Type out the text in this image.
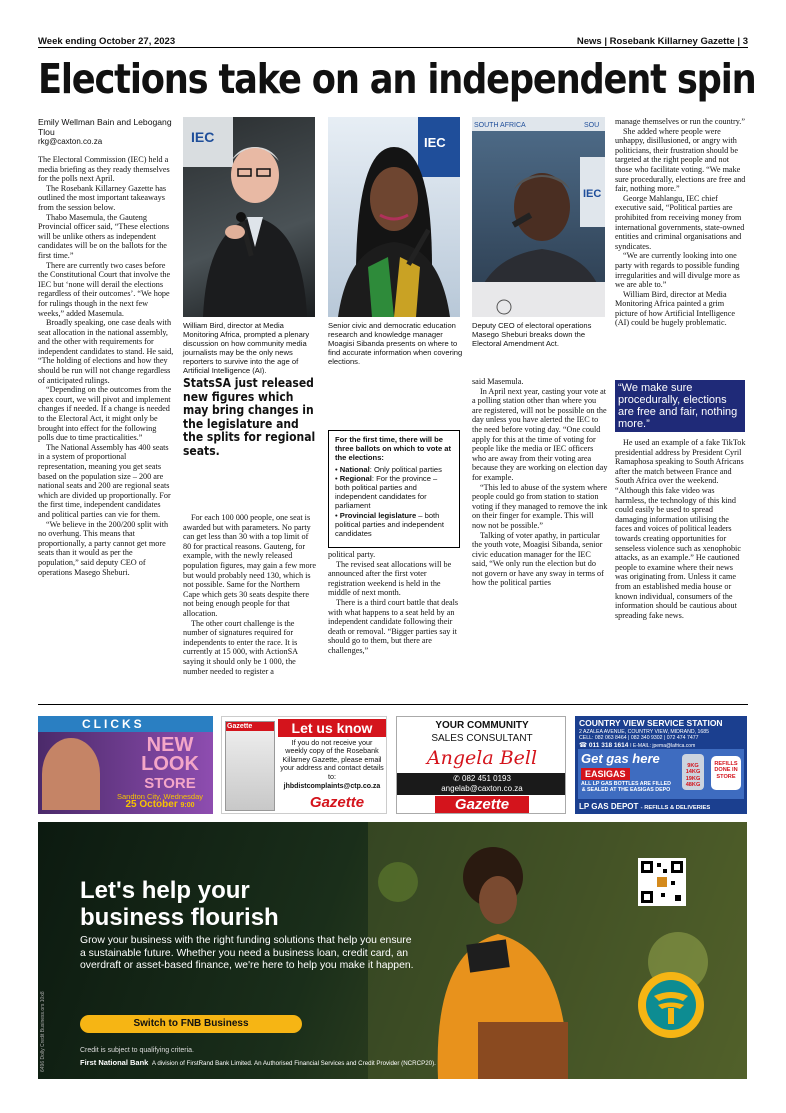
Week ending October 27, 2023	News | Rosebank Killarney Gazette | 3
Elections take on an independent spin
Emily Wellman Bain and Lebogang Tlou
rkg@caxton.co.za

The Electoral Commission (IEC) held a media briefing as they ready themselves for the polls next April.

The Rosebank Killarney Gazette has outlined the most important takeaways from the session below.

Thabo Masemula, the Gauteng Provincial officer said, “These elections will be unlike others as independent candidates will be on the ballots for the first time.”

There are currently two cases before the Constitutional Court that involve the IEC but ‘none will derail the elections regardless of their outcomes’. “We hope for rulings though in the next few weeks,” added Masemula.

Broadly speaking, one case deals with seat allocation in the national assembly, and the other with requirements for independent candidates to stand. He said, “The holding of elections and how they should be run will not change regardless of anticipated rulings.

“Depending on the outcomes from the apex court, we will pivot and implement changes if needed. If a change is needed to the Electoral Act, it might only be brought into effect for the following polls due to time practicalities.”

The National Assembly has 400 seats in a system of proportional representation, meaning you get seats based on the population size – 200 are national seats and 200 are regional seats which are divided up proportionally. For the first time, independent candidates and political parties can vie for them.

“We believe in the 200/200 split with no overhung. This means that proportionally, a party cannot get more seats than it would as per the population,” said deputy CEO of operations Masego Sheburi.

IEC
William Bird, director at Media Monitoring Africa, prompted a plenary discussion on how community media journalists may be the only news reporters to survive into the age of Artificial Intelligence (AI).
IEC
Senior civic and democratic education research and knowledge manager Moagisi Sibanda presents on where to find accurate information when covering elections.
SOUTH AFRICA	SOU
IEC
Deputy CEO of electoral operations Masego Sheburi breaks down the Electoral Amendment Act.
StatsSA just released new figures which may bring changes in the legislature and the splits for regional seats.

For each 100 000 people, one seat is awarded but with parameters. No party can get less than 30 with a top limit of 80 for practical reasons. Gauteng, for example, with the newly released population figures, may gain a few more but would probably need 130, which is not possible. Same for the Northern Cape which gets 30 seats despite there not being enough people for that allocation.

The other court challenge is the number of signatures required for independents to enter the race. It is currently at 15 000, with ActionSA saying it should only be 1 000, the number needed to register a

For the first time, there will be three ballots on which to vote at the elections:
• National: Only political parties
• Regional: For the province – both political parties and independent candidates for parliament
• Provincial legislature – both political parties and independent candidates

political party.

The revised seat allocations will be announced after the first voter registration weekend is held in the middle of next month.

There is a third court battle that deals with what happens to a seat held by an independent candidate following their death or removal. “Bigger parties say it should go to them, but there are challenges,”

said Masemula.

In April next year, casting your vote at a polling station other than where you are registered, will not be possible on the day unless you have alerted the IEC to the need before voting day. “One could apply for this at the time of voting for people like the media or IEC officers who are away from their voting area because they are working on election day for example.

“This led to abuse of the system where people could go from station to station voting if they managed to remove the ink on their finger for example. This will now not be possible.”

Talking of voter apathy, in particular the youth vote, Moagisi Sibanda, senior civic education manager for the IEC said, “We only run the election but do not govern or have any sway in terms of how the political parties

manage themselves or run the country.”

She added where people were unhappy, disillusioned, or angry with politicians, their frustration should be targeted at the right people and not those who facilitate voting. “We make sure procedurally, elections are free and fair, nothing more.”

George Mahlangu, IEC chief executive said, “Political parties are prohibited from receiving money from international governments, state-owned entities and criminal organisations and syndicates.

“We are currently looking into one party with regards to possible funding irregularities and will divulge more as we are able to.”

William Bird, director at Media Monitoring Africa painted a grim picture of how Artificial Intelligence (AI) could be hugely problematic.

“We make sure procedurally, elections are free and fair, nothing more.”

He used an example of a fake TikTok presidential address by President Cyril Ramaphosa speaking to South Africans after the match between France and South Africa over the weekend. “Although this fake video was harmless, the technology of this kind could easily be used to spread damaging information utilising the faces and voices of political leaders towards creating opportunities for senseless violence such as xenophobic attacks, as an example.” He cautioned people to examine where their news was originating from. Unless it came from an established media house or known individual, consumers of the information should be cautious about spreading fake news.

CLICKS
NEW
LOOK
STORE
Sandton City, Wednesday
25 October 9:00
Gazette	Let us know
If you do not receive your weekly copy of the Rosebank Killarney Gazette, please email your address and contact details to:
jhbdistcomplaints@ctp.co.za
Gazette
YOUR COMMUNITY
SALES CONSULTANT
Angela Bell
✆ 082 451 0193
angelab@caxton.co.za
Gazette
COUNTRY VIEW SERVICE STATION
2 AZALEA AVENUE, COUNTRY VIEW, MIDRAND, 1685
CELL: 082 063 8464 | 082 340 9302 | 072 474 7477
☎ 011 318 1614 I E-MAIL: jpema@lafrica.com
Get gas here
EASIGAS
ALL LP GAS BOTTLES ARE FILLED & SEALED AT THE EASIGAS DEPO
9KG
14KG
19KG
48KG
REFILLS DONE IN STORE
LP GAS DEPOT - REFILLS & DELIVERIES
Let's help your
business flourish
Grow your business with the right funding solutions that help you ensure a sustainable future. Whether you need a business loan, credit card, an overdraft or asset-based finance, we're here to help you make it happen.
Switch to FNB Business
Credit is subject to qualifying criteria.
First National Bank A division of FirstRand Bank Limited. An Authorised Financial Services and Credit Provider (NCRCP20).
6496 Dolly Credit Business.ors 10x8
